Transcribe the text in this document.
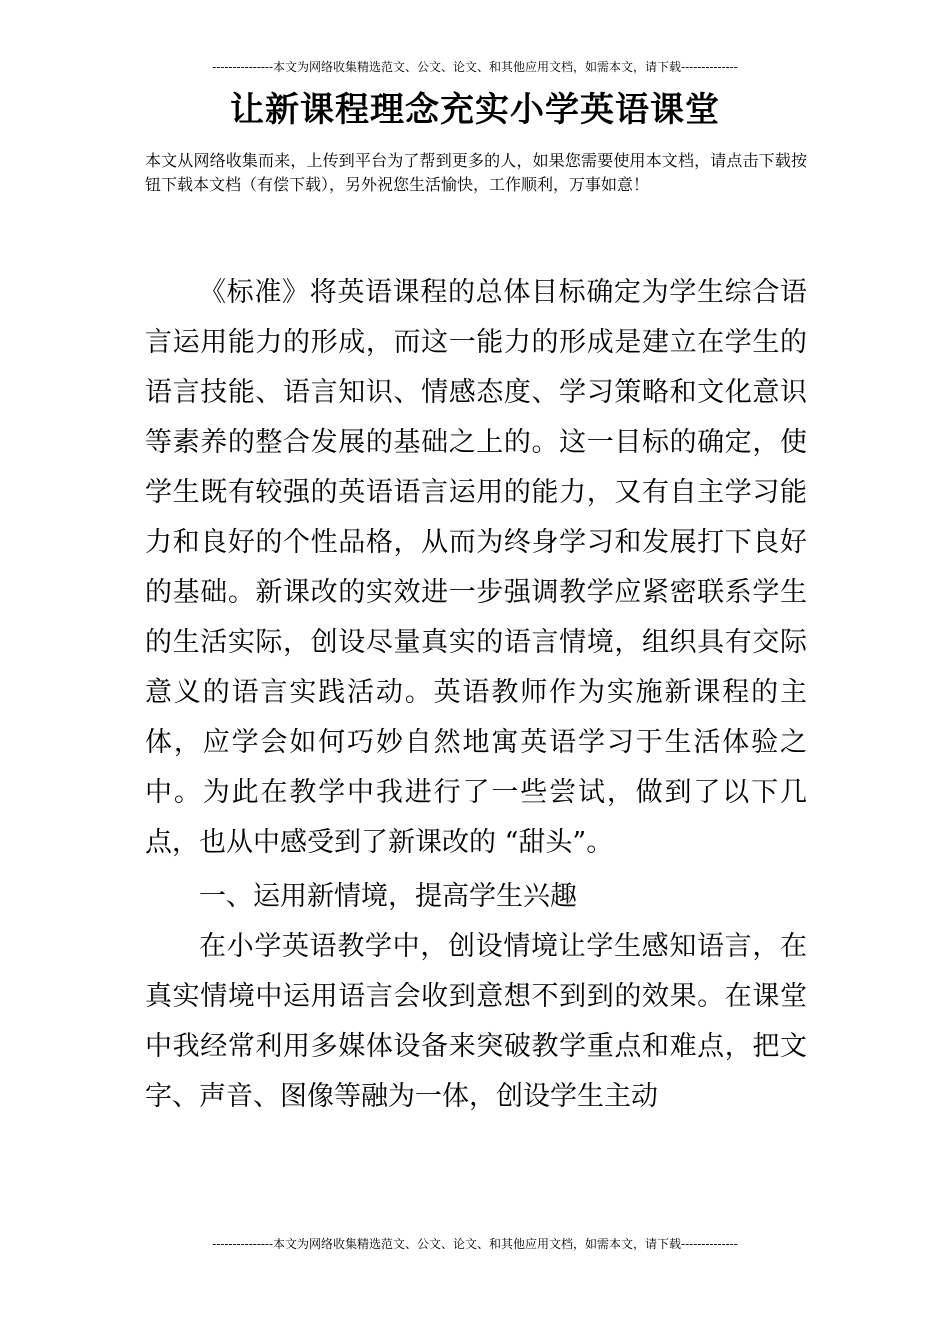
---------------本文为网络收集精选范文、公文、论文、和其他应用文档，如需本文，请下载--------------
让新课程理念充实小学英语课堂
本文从网络收集而来，上传到平台为了帮到更多的人，如果您需要使用本文档，请点击下载按钮下载本文档（有偿下载），另外祝您生活愉快，工作顺利，万事如意！

《标准》将英语课程的总体目标确定为学生综合语言运用能力的形成，而这一能力的形成是建立在学生的语言技能、语言知识、情感态度、学习策略和文化意识等素养的整合发展的基础之上的。这一目标的确定，使学生既有较强的英语语言运用的能力，又有自主学习能力和良好的个性品格，从而为终身学习和发展打下良好的基础。新课改的实效进一步强调教学应紧密联系学生的生活实际，创设尽量真实的语言情境，组织具有交际意义的语言实践活动。英语教师作为实施新课程的主体，应学会如何巧妙自然地寓英语学习于生活体验之中。为此在教学中我进行了一些尝试，做到了以下几点，也从中感受到了新课改的 “甜头”。

一、运用新情境，提高学生兴趣

在小学英语教学中，创设情境让学生感知语言，在真实情境中运用语言会收到意想不到到的效果。在课堂中我经常利用多媒体设备来突破教学重点和难点，把文字、声音、图像等融为一体，创设学生主动

---------------本文为网络收集精选范文、公文、论文、和其他应用文档，如需本文，请下载--------------
